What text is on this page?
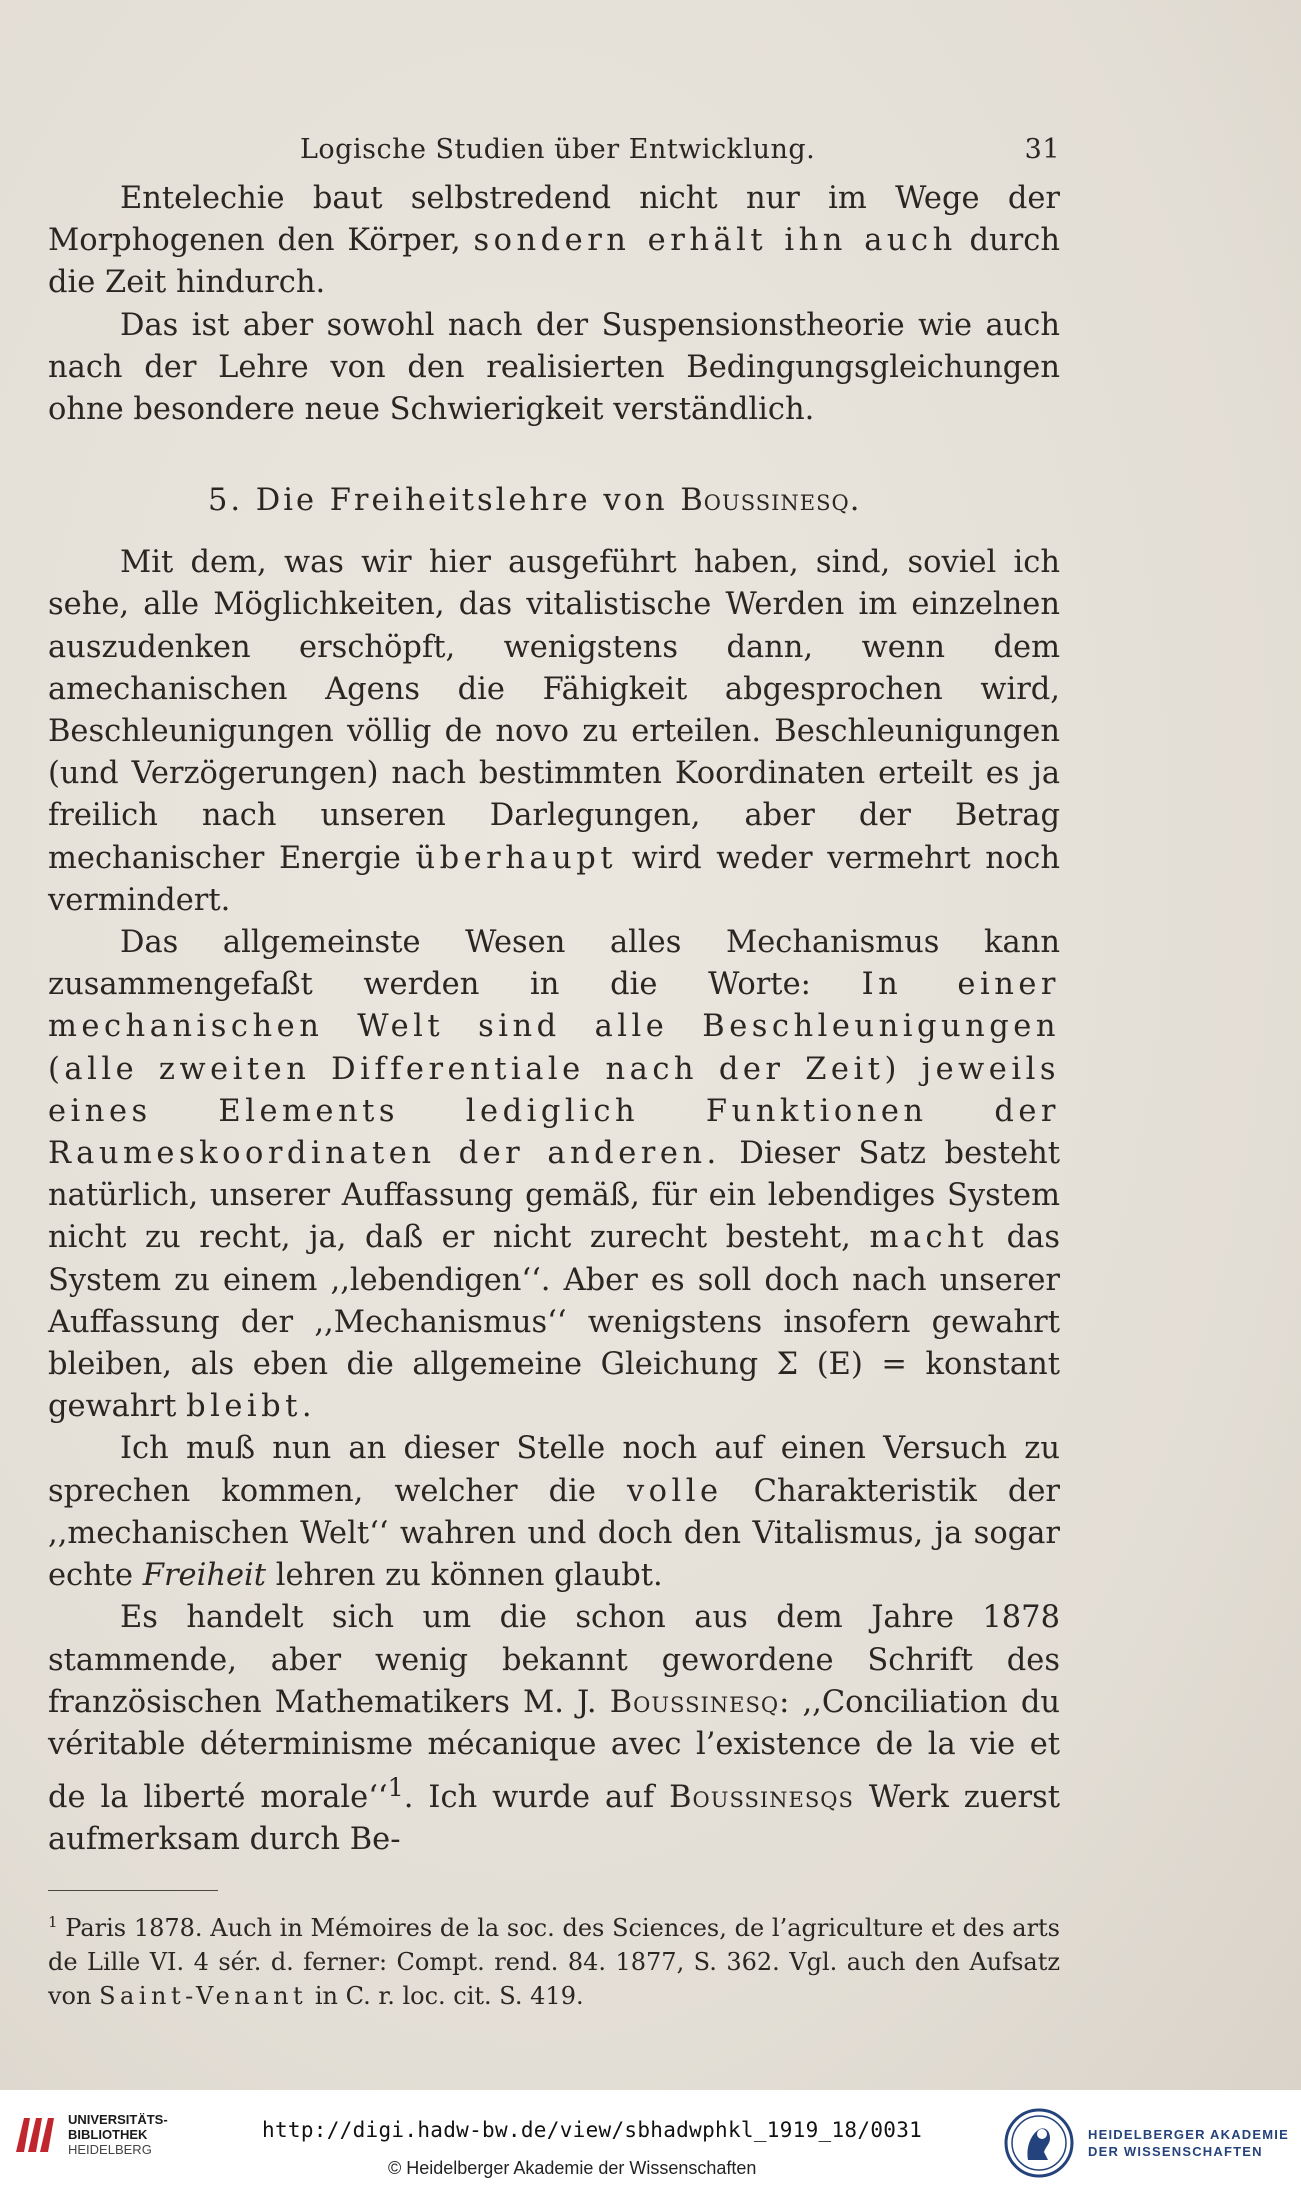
Logische Studien über Entwicklung.	31

Entelechie baut selbstredend nicht nur im Wege der Morphogenen den Körper, sondern erhält ihn auch durch die Zeit hindurch.

Das ist aber sowohl nach der Suspensionstheorie wie auch nach der Lehre von den realisierten Bedingungsgleichungen ohne besondere neue Schwierigkeit verständlich.

5. Die Freiheitslehre von Boussinesq.

Mit dem, was wir hier ausgeführt haben, sind, soviel ich sehe, alle Möglichkeiten, das vitalistische Werden im einzelnen auszudenken erschöpft, wenigstens dann, wenn dem amechanischen Agens die Fähigkeit abgesprochen wird, Beschleunigungen völlig de novo zu erteilen. Beschleunigungen (und Verzögerungen) nach bestimmten Koordinaten erteilt es ja freilich nach unseren Darlegungen, aber der Betrag mechanischer Energie überhaupt wird weder vermehrt noch vermindert.

Das allgemeinste Wesen alles Mechanismus kann zusammengefaßt werden in die Worte: In einer mechanischen Welt sind alle Beschleunigungen (alle zweiten Differentiale nach der Zeit) jeweils eines Elements lediglich Funktionen der Raumeskoordinaten der anderen. Dieser Satz besteht natürlich, unserer Auffassung gemäß, für ein lebendiges System nicht zu recht, ja, daß er nicht zurecht besteht, macht das System zu einem ,,lebendigen‘‘. Aber es soll doch nach unserer Auffassung der ,,Mechanismus‘‘ wenigstens insofern gewahrt bleiben, als eben die allgemeine Gleichung Σ (E) = konstant gewahrt bleibt.

Ich muß nun an dieser Stelle noch auf einen Versuch zu sprechen kommen, welcher die volle Charakteristik der ,,mechanischen Welt‘‘ wahren und doch den Vitalismus, ja sogar echte Freiheit lehren zu können glaubt.

Es handelt sich um die schon aus dem Jahre 1878 stammende, aber wenig bekannt gewordene Schrift des französischen Mathematikers M. J. Boussinesq: ,,Conciliation du véritable déterminisme mécanique avec l’existence de la vie et de la liberté morale‘‘$^1$. Ich wurde auf Boussinesqs Werk zuerst aufmerksam durch Be-

$^1$ Paris 1878. Auch in Mémoires de la soc. des Sciences, de l’agriculture et des arts de Lille VI. 4 sér. d. ferner: Compt. rend. 84. 1877, S. 362. Vgl. auch den Aufsatz von Saint-Venant in C. r. loc. cit. S. 419.

UNIVERSITÄTS-
BIBLIOTHEK
HEIDELBERG
http://digi.hadw-bw.de/view/sbhadwphkl_1919_18/0031
© Heidelberger Akademie der Wissenschaften
HEIDELBERGER AKADEMIE
DER WISSENSCHAFTEN
